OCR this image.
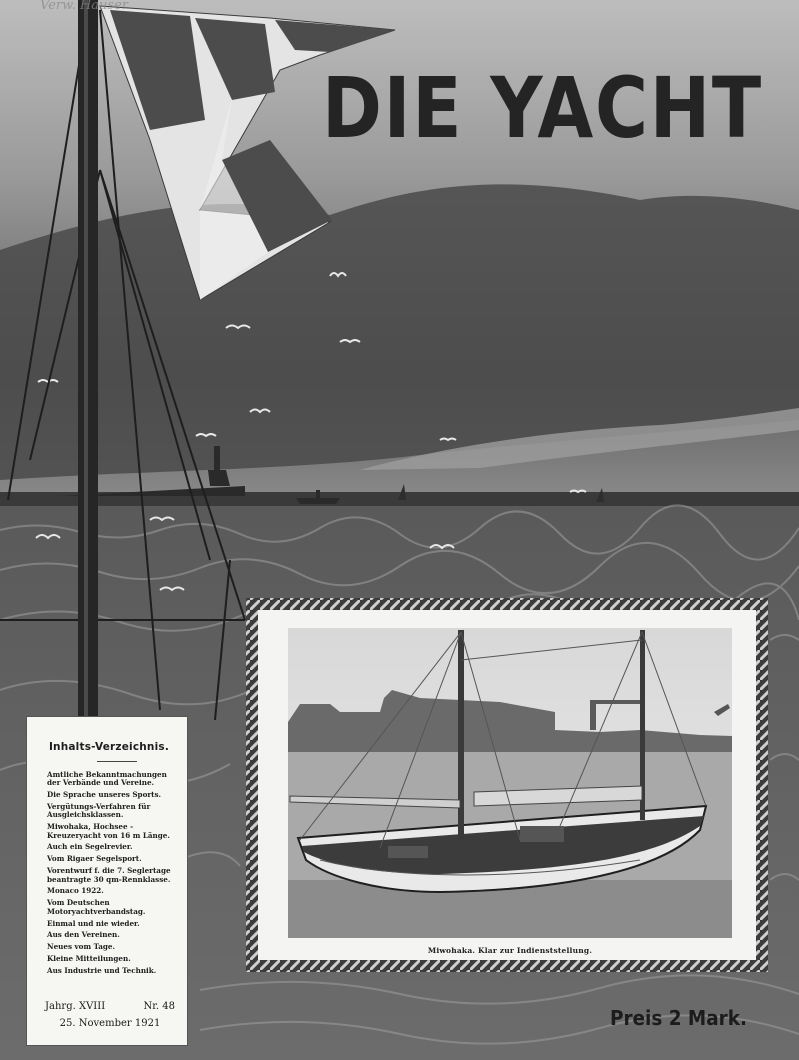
Verw. Hauser
DIE YACHT
Inhalts-Verzeichnis.
Amtliche Bekanntmachungen der Verbände und Vereine.
Die Sprache unseres Sports.
Vergütungs-Verfahren für Ausgleichsklassen.
Miwohaka, Hochsee - Kreuzeryacht von 16 m Länge.
Auch ein Segelrevier.
Vom Rigaer Segelsport.
Vorentwurf f. die 7. Seglertage beantragte 30 qm-Rennklasse.
Monaco 1922.
Vom Deutschen Motoryachtverbandstag.
Einmal und nie wieder.
Aus den Vereinen.
Neues vom Tage.
Kleine Mitteilungen.
Aus Industrie und Technik.
Jahrg. XVIII	Nr. 48
25. November 1921
Miwohaka. Klar zur Indienststellung.
Preis 2 Mark.
